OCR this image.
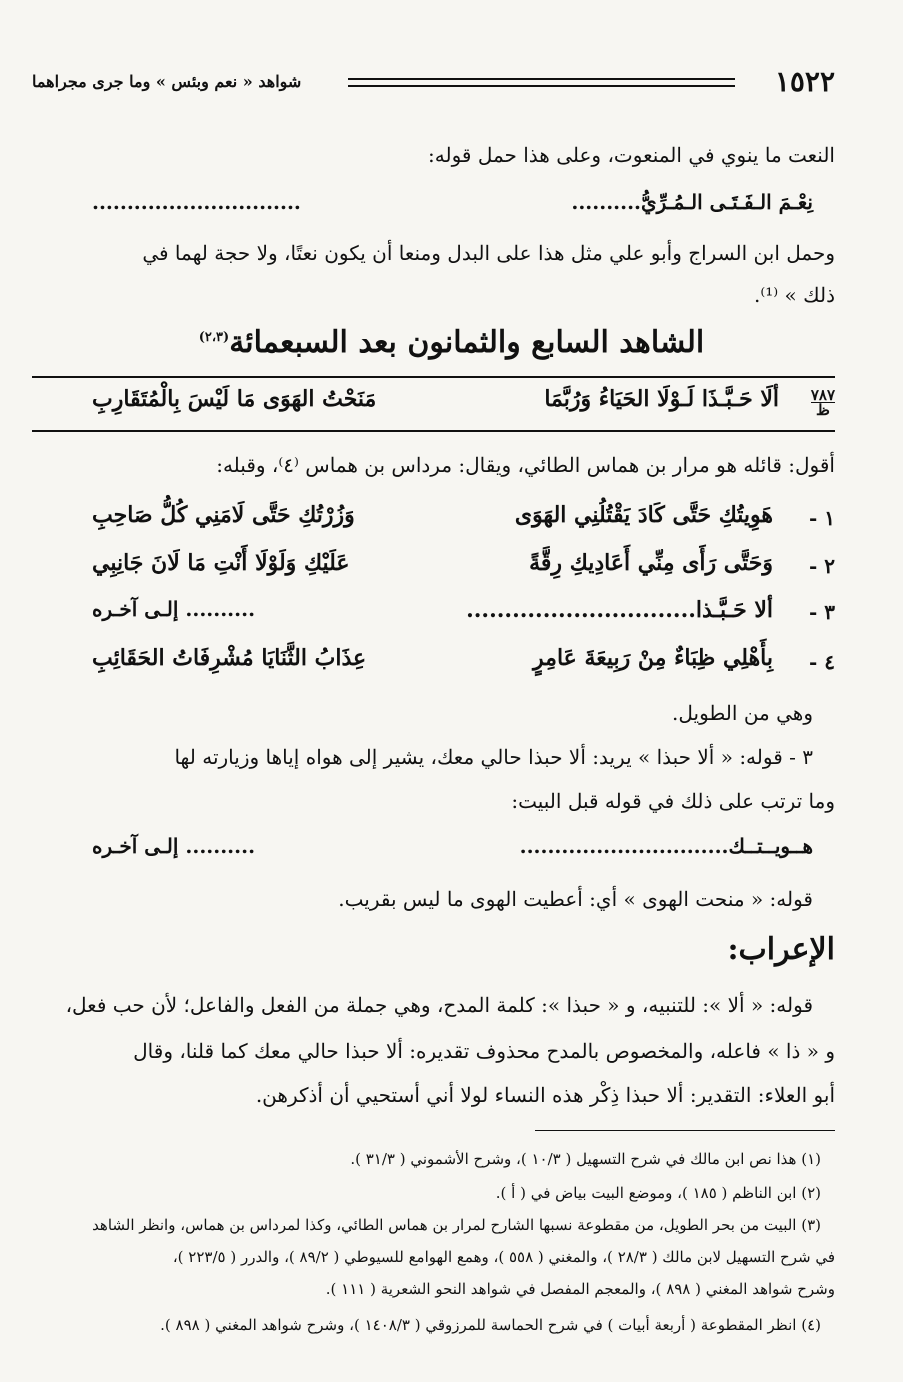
١٥٢٢
شواهد « نعم وبئس » وما جرى مجراهما
النعت ما ينوي في المنعوت، وعلى هذا حمل قوله:
نِعْـمَ الـفَـتَـى الـمُـرِّيُّ..........
..............................
وحمل ابن السراج وأبو علي مثل هذا على البدل ومنعا أن يكون نعتًا، ولا حجة لهما في
ذلك » ⁽¹⁾.
الشاهد السابع والثمانون بعد السبعمائة$^{(٢،٣)}$
٧٨٧
ظ
ألَا حَـبَّـذَا لَـوْلَا الحَيَاءُ وَرُبَّمَا
مَنَحْتُ الهَوَى مَا لَيْسَ بِالْمُتَقَارِبِ
أقول: قائله هو مرار بن هماس الطائي، ويقال: مرداس بن هماس ⁽٤⁾، وقبله:
١ -
هَوِيتُكِ حَتَّى كَادَ يَقْتُلُنِي الهَوَى
وَزُرْتُكِ حَتَّى لَامَنِي كُلُّ صَاحِبِ
٢ -
وَحَتَّى رَأَى مِنِّي أَعَادِيكِ رِقَّةً
عَلَيْكِ وَلَوْلَا أَنْتِ مَا لَانَ جَانِبِي
٣ -
ألا حَـبَّـذا..............................
.......... إلـى آخـره
٤ -
بِأَهْلِي ظِبَاءٌ مِنْ رَبِيعَةَ عَامِرٍ
عِذَابُ الثَّنَايَا مُشْرِفَاتُ الحَقَائِبِ
وهي من الطويل.
٣ - قوله: « ألا حبذا » يريد: ألا حبذا حالي معك، يشير إلى هواه إياها وزيارته لها
وما ترتب على ذلك في قوله قبل البيت:
هــويــتــك..............................
.......... إلـى آخـره
قوله: « منحت الهوى » أي: أعطيت الهوى ما ليس بقريب.
الإعراب:
قوله: « ألا »: للتنبيه، و « حبذا »: كلمة المدح، وهي جملة من الفعل والفاعل؛ لأن حب فعل،
و « ذا » فاعله، والمخصوص بالمدح محذوف تقديره: ألا حبذا حالي معك كما قلنا، وقال
أبو العلاء: التقدير: ألا حبذا ذِكْر هذه النساء لولا أني أستحيي أن أذكرهن.
(١) هذا نص ابن مالك في شرح التسهيل ( ١٠/٣ )، وشرح الأشموني ( ٣١/٣ ).
(٢) ابن الناظم ( ١٨٥ )، وموضع البيت بياض في ( أ ).
(٣) البيت من بحر الطويل، من مقطوعة نسبها الشارح لمرار بن هماس الطائي، وكذا لمرداس بن هماس، وانظر الشاهد
في شرح التسهيل لابن مالك ( ٢٨/٣ )، والمغني ( ٥٥٨ )، وهمع الهوامع للسيوطي ( ٨٩/٢ )، والدرر ( ٢٢٣/٥ )،
وشرح شواهد المغني ( ٨٩٨ )، والمعجم المفصل في شواهد النحو الشعرية ( ١١١ ).
(٤) انظر المقطوعة ( أربعة أبيات ) في شرح الحماسة للمرزوقي ( ١٤٠٨/٣ )، وشرح شواهد المغني ( ٨٩٨ ).
